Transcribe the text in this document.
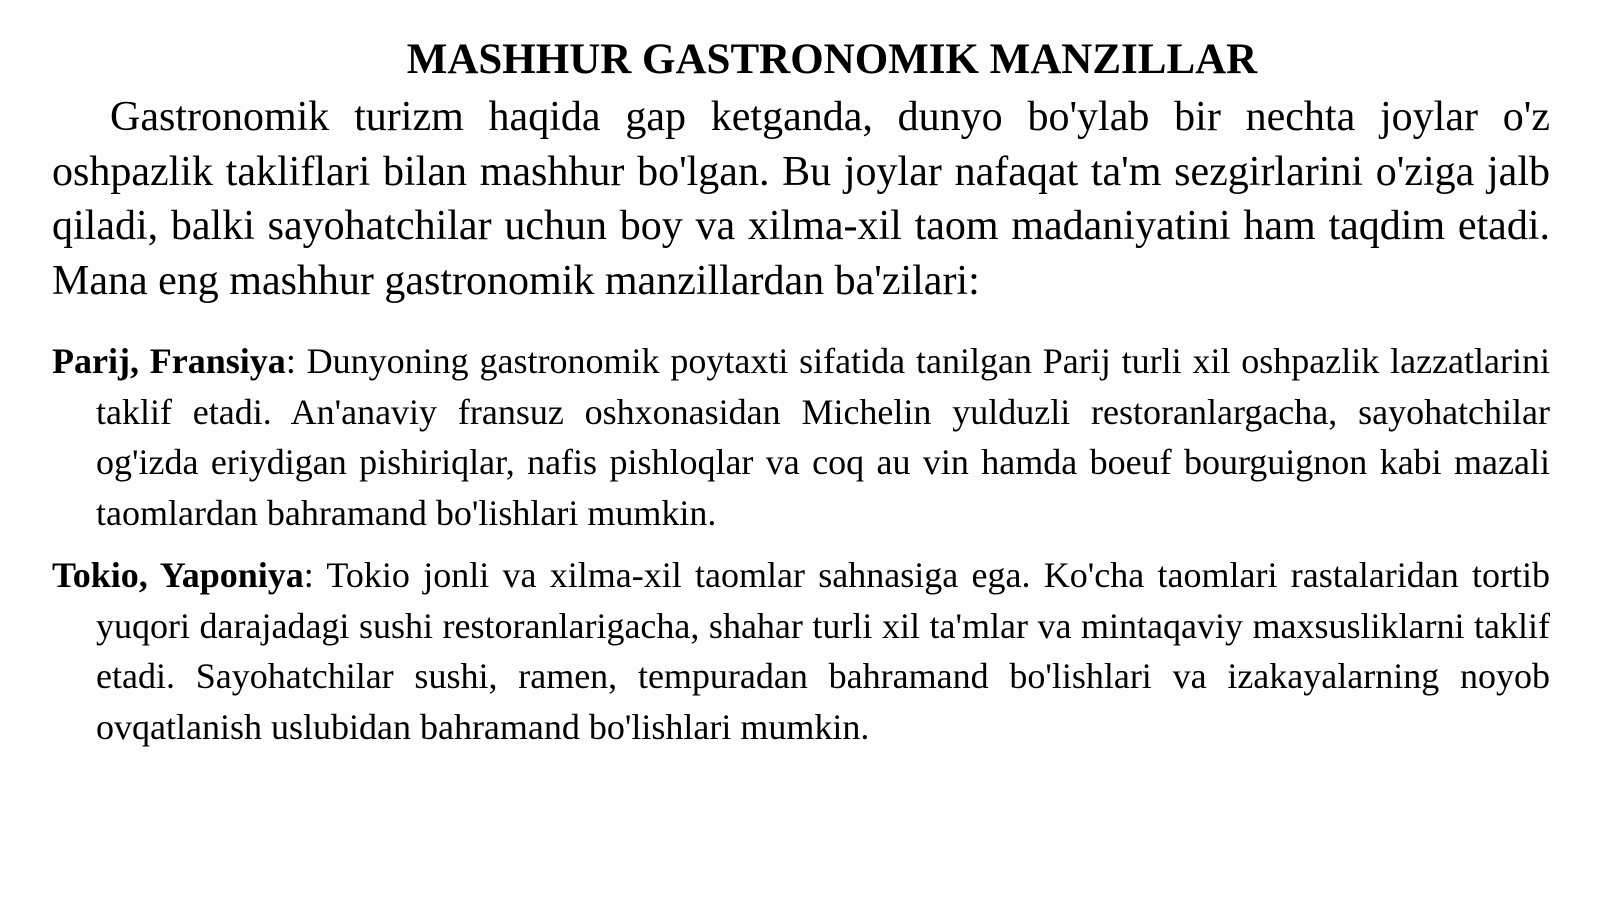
MASHHUR GASTRONOMIK MANZILLAR

Gastronomik turizm haqida gap ketganda, dunyo bo'ylab bir nechta joylar o'z oshpazlik takliflari bilan mashhur bo'lgan. Bu joylar nafaqat ta'm sezgirlarini o'ziga jalb qiladi, balki sayohatchilar uchun boy va xilma-xil taom madaniyatini ham taqdim etadi. Mana eng mashhur gastronomik manzillardan ba'zilari:

Parij, Fransiya: Dunyoning gastronomik poytaxti sifatida tanilgan Parij turli xil oshpazlik lazzatlarini taklif etadi. An'anaviy fransuz oshxonasidan Michelin yulduzli restoranlargacha, sayohatchilar og'izda eriydigan pishiriqlar, nafis pishloqlar va coq au vin hamda boeuf bourguignon kabi mazali taomlardan bahramand bo'lishlari mumkin.

Tokio, Yaponiya: Tokio jonli va xilma-xil taomlar sahnasiga ega. Ko'cha taomlari rastalaridan tortib yuqori darajadagi sushi restoranlarigacha, shahar turli xil ta'mlar va mintaqaviy maxsusliklarni taklif etadi. Sayohatchilar sushi, ramen, tempuradan bahramand bo'lishlari va izakayalarning noyob ovqatlanish uslubidan bahramand bo'lishlari mumkin.
